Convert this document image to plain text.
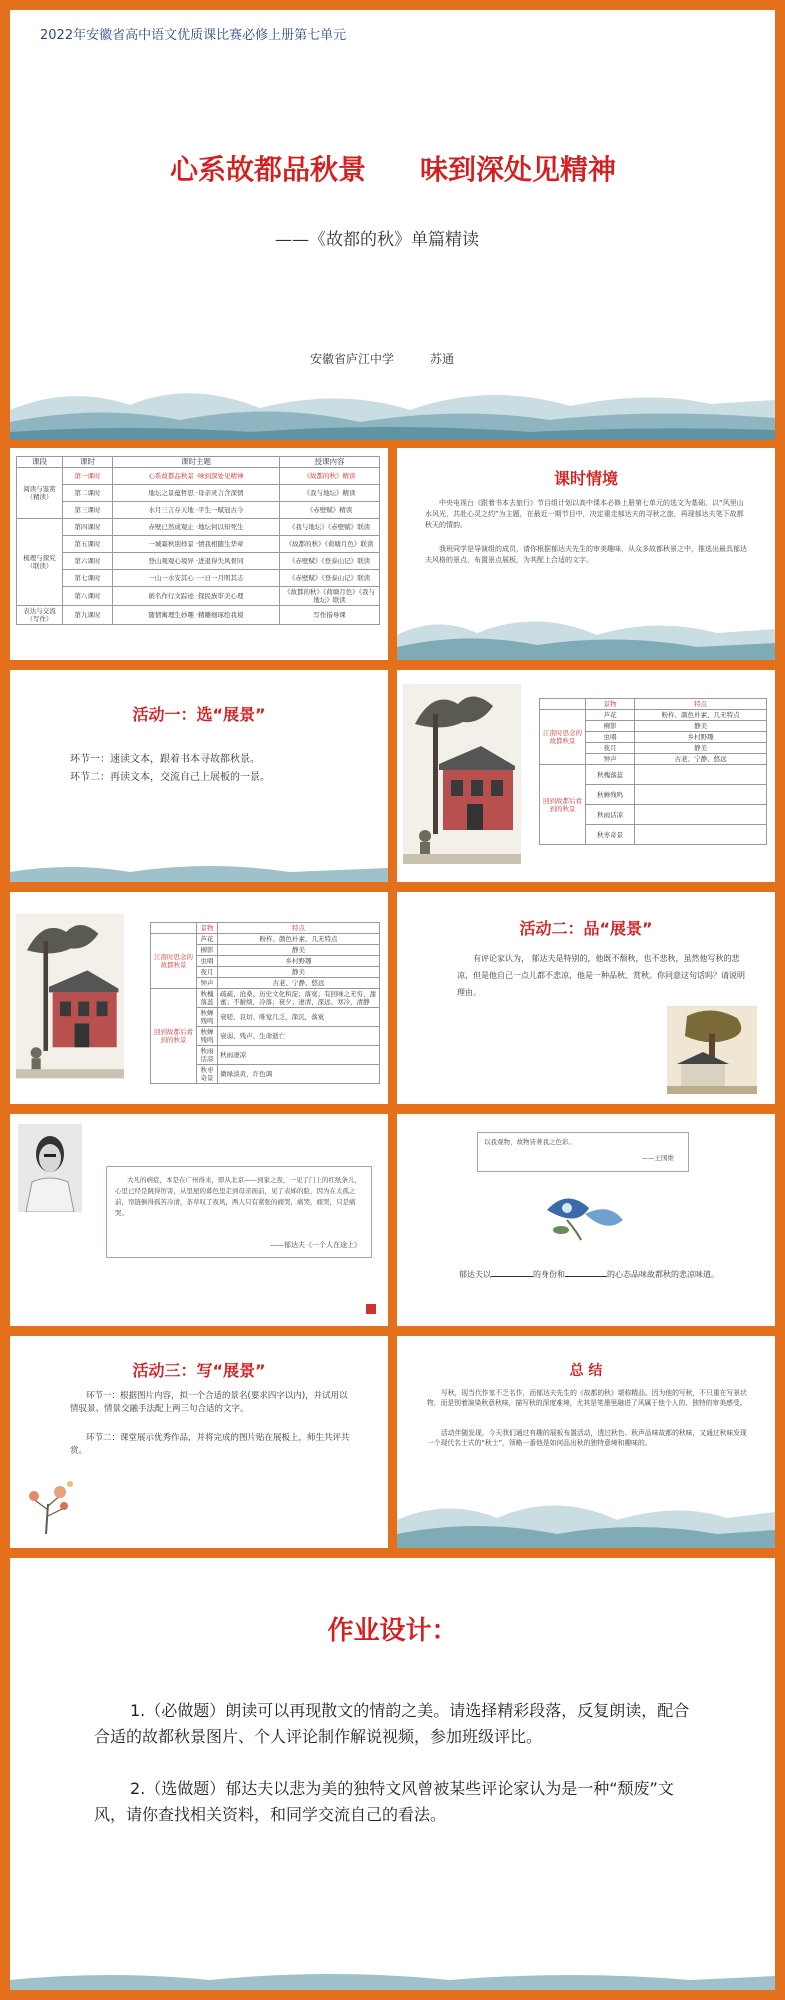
2022年安徽省高中语文优质课比赛必修上册第七单元
心系故都品秋景 味到深处见精神
——《故都的秋》单篇精读
安徽省庐江中学	苏通
课段	课时	课时主题	授课内容
阅读与鉴赏（精读）	第一课时	心系故都品秋景 ·味到深处见精神	《故都的秋》精读
	第二课时	地坛之景蕴哲思 ·母亲灵言含深情	《我与地坛》精读
	第三课时	水月三言存天地 ·平生一赋冠古今	《赤壁赋》精读
梳理与探究（联读）	第四课时	赤壁已然成观止 ·地坛何以知死生	《我与地坛》《赤壁赋》联读
	第五课时	一城霜秋别样景 ·情我相随生华章	《故都的秋》《荷塘月色》联读
	第六课时	登山观观心境异 ·进退得失风骨同	《赤壁赋》《登泰山记》联读
	第七课时	一山一水安其心 ·一日一月明其志	《赤壁赋》《登泰山记》联读
	第八课时	循名作行文踪迹 ·探民族审美心理	《故都的秋》《荷塘月色》《我与地坛》联读
表达与交流（写作）	第九课时	随情寓理生妙趣 ·精雕细琢绘我境	写作指导课
课时情境
中央电视台《跟着书本去旅行》节目组计划以高中课本必修上册第七单元的选文为基础，以“风里山水风光，共赴心灵之约”为主题，在最近一期节目中，决定重走郁达夫的寻秋之旅，再现郁达夫笔下故都秋天的情韵。
我班同学是导演组的成员，请你根据郁达夫先生的审美趣味，从众多故都秋景之中，推选出最具郁达夫风格的景点，布置景点展板，为其配上合适的文字。
活动一：选“展景”
环节一：速读文本，跟着书本寻故都秋景。
环节二：再读文本，交流自己上展板的一景。
	景物	特点
江南时思念的故都秋景	芦花	粉杵、颜色朴素、几无特点
	柳影	静美
	虫唱	乡村野趣
	夜月	静美
	钟声	古老、宁静、悠远
回到故都后看到的秋景	秋槐落蕊	
	秋蝉残鸣	
	秋雨话凉	
	秋枣奇景	
	景物	特点
江南时思念的故都秋景	芦花	粉杵、颜色朴素、几无特点
	柳影	静美
	虫唱	乡村野趣
	夜月	静美
	钟声	古老、宁静、悠远
回到故都后看到的秋景	秋槐落蕊	疏疏、沧桑、历史文化积淀；落寞；有回味之无穷，甜蜜；不耐烦，冷落；衰夕；凄清、深远、寒冷，清静
	秋蝉残鸣	衰嗟、哀切、唯觉几乏，深沉，落寞
	秋蝉残鸣	衰弱、残声、生命逝亡
	秋雨话凉	秋雨凄凉
	秋枣奇景	微绿淡黄，许色调
活动二：品“展景”
有评论家认为， 郁达夫是特别的，他既不颓秋，也不悲秋，虽然他写秋的悲凉，但是他自己一点儿都不悲凉，他是一种品秋、赏秋。你同意这句话吗？请说明理由。
大凡的病症，本是在广州得来，即从北京——到家之夜，一见了门上的红纸条儿，心里已经是跳得厉害，从里屋的暮色里走到母亲面前，见了表姊的脸，因为在太孤之前，帘链倒得孤苦冷清，茶草叹了夜风，两人只有紧张的痛哭，痛哭，痛哭，只是痛哭。
——郁达夫《一个人在途上》
以我观物，故物皆著我之色彩。
——王国维
郁达夫以	的身份和	的心态品味故都秋的悲凉味道。
活动三：写“展景”
环节一：根据图片内容，拟一个合适的景名(要求四字以内)，并试用以情驭景、情景交融手法配上两三句合适的文字。
环节二：课堂展示优秀作品，并将完成的图片贴在展板上，师生共评共赏。
总 结
写秋，现当代作家不乏名作，而郁达夫先生的《故都的秋》堪称精品。因为他的写秋，不只重在写景状物，而是别着演染秋意秋味，描写秋的深度难境，尤其是笔墨里融进了风属于他个人的、独特的审美感受。
活动伴随发现，今天我们通过有趣的展板布置活动，透过秋色、秋声品味故都的秋味，又通过秋味发现一个现代名士式的“秋士”，领略一番他是如何品出秋的独特意境和趣味的。
作业设计：
1.（必做题）朗读可以再现散文的情韵之美。请选择精彩段落，反复朗读，配合合适的故都秋景图片、个人评论制作解说视频，参加班级评比。
2.（选做题）郁达夫以悲为美的独特文风曾被某些评论家认为是一种“颓废”文风，请你查找相关资料，和同学交流自己的看法。
